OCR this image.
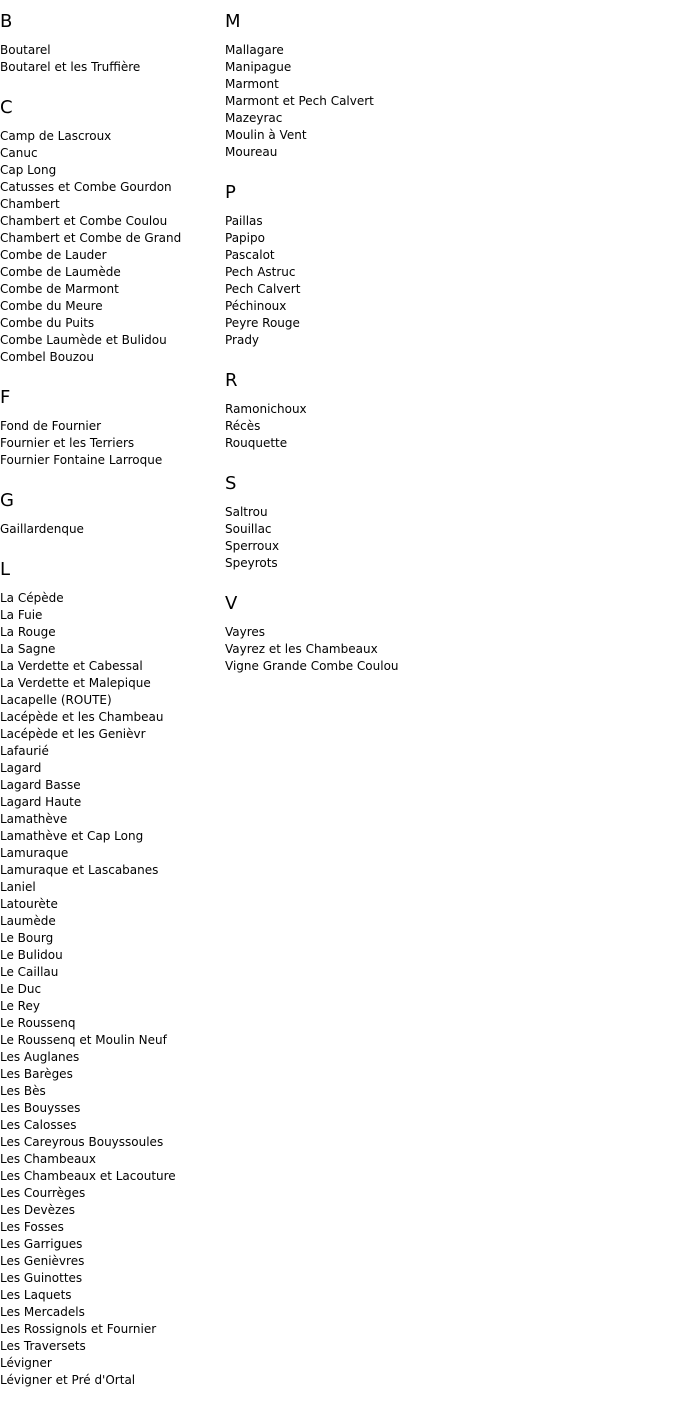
B
Boutarel
Boutarel et les Truffière
C
Camp de Lascroux
Canuc
Cap Long
Catusses et Combe Gourdon
Chambert
Chambert et Combe Coulou
Chambert et Combe de Grand
Combe de Lauder
Combe de Laumède
Combe de Marmont
Combe du Meure
Combe du Puits
Combe Laumède et Bulidou
Combel Bouzou
F
Fond de Fournier
Fournier et les Terriers
Fournier Fontaine Larroque
G
Gaillardenque
L
La Cépède
La Fuie
La Rouge
La Sagne
La Verdette et Cabessal
La Verdette et Malepique
Lacapelle (ROUTE)
Lacépède et les Chambeau
Lacépède et les Genièvr
Lafaurié
Lagard
Lagard Basse
Lagard Haute
Lamathève
Lamathève et Cap Long
Lamuraque
Lamuraque et Lascabanes
Laniel
Latourète
Laumède
Le Bourg
Le Bulidou
Le Caillau
Le Duc
Le Rey
Le Roussenq
Le Roussenq et Moulin Neuf
Les Auglanes
Les Barèges
Les Bès
Les Bouysses
Les Calosses
Les Careyrous Bouyssoules
Les Chambeaux
Les Chambeaux et Lacouture
Les Courrèges
Les Devèzes
Les Fosses
Les Garrigues
Les Genièvres
Les Guinottes
Les Laquets
Les Mercadels
Les Rossignols et Fournier
Les Traversets
Lévigner
Lévigner et Pré d'Ortal
M
Mallagare
Manipague
Marmont
Marmont et Pech Calvert
Mazeyrac
Moulin à Vent
Moureau
P
Paillas
Papipo
Pascalot
Pech Astruc
Pech Calvert
Péchinoux
Peyre Rouge
Prady
R
Ramonichoux
Récès
Rouquette
S
Saltrou
Souillac
Sperroux
Speyrots
V
Vayres
Vayrez et les Chambeaux
Vigne Grande Combe Coulou
